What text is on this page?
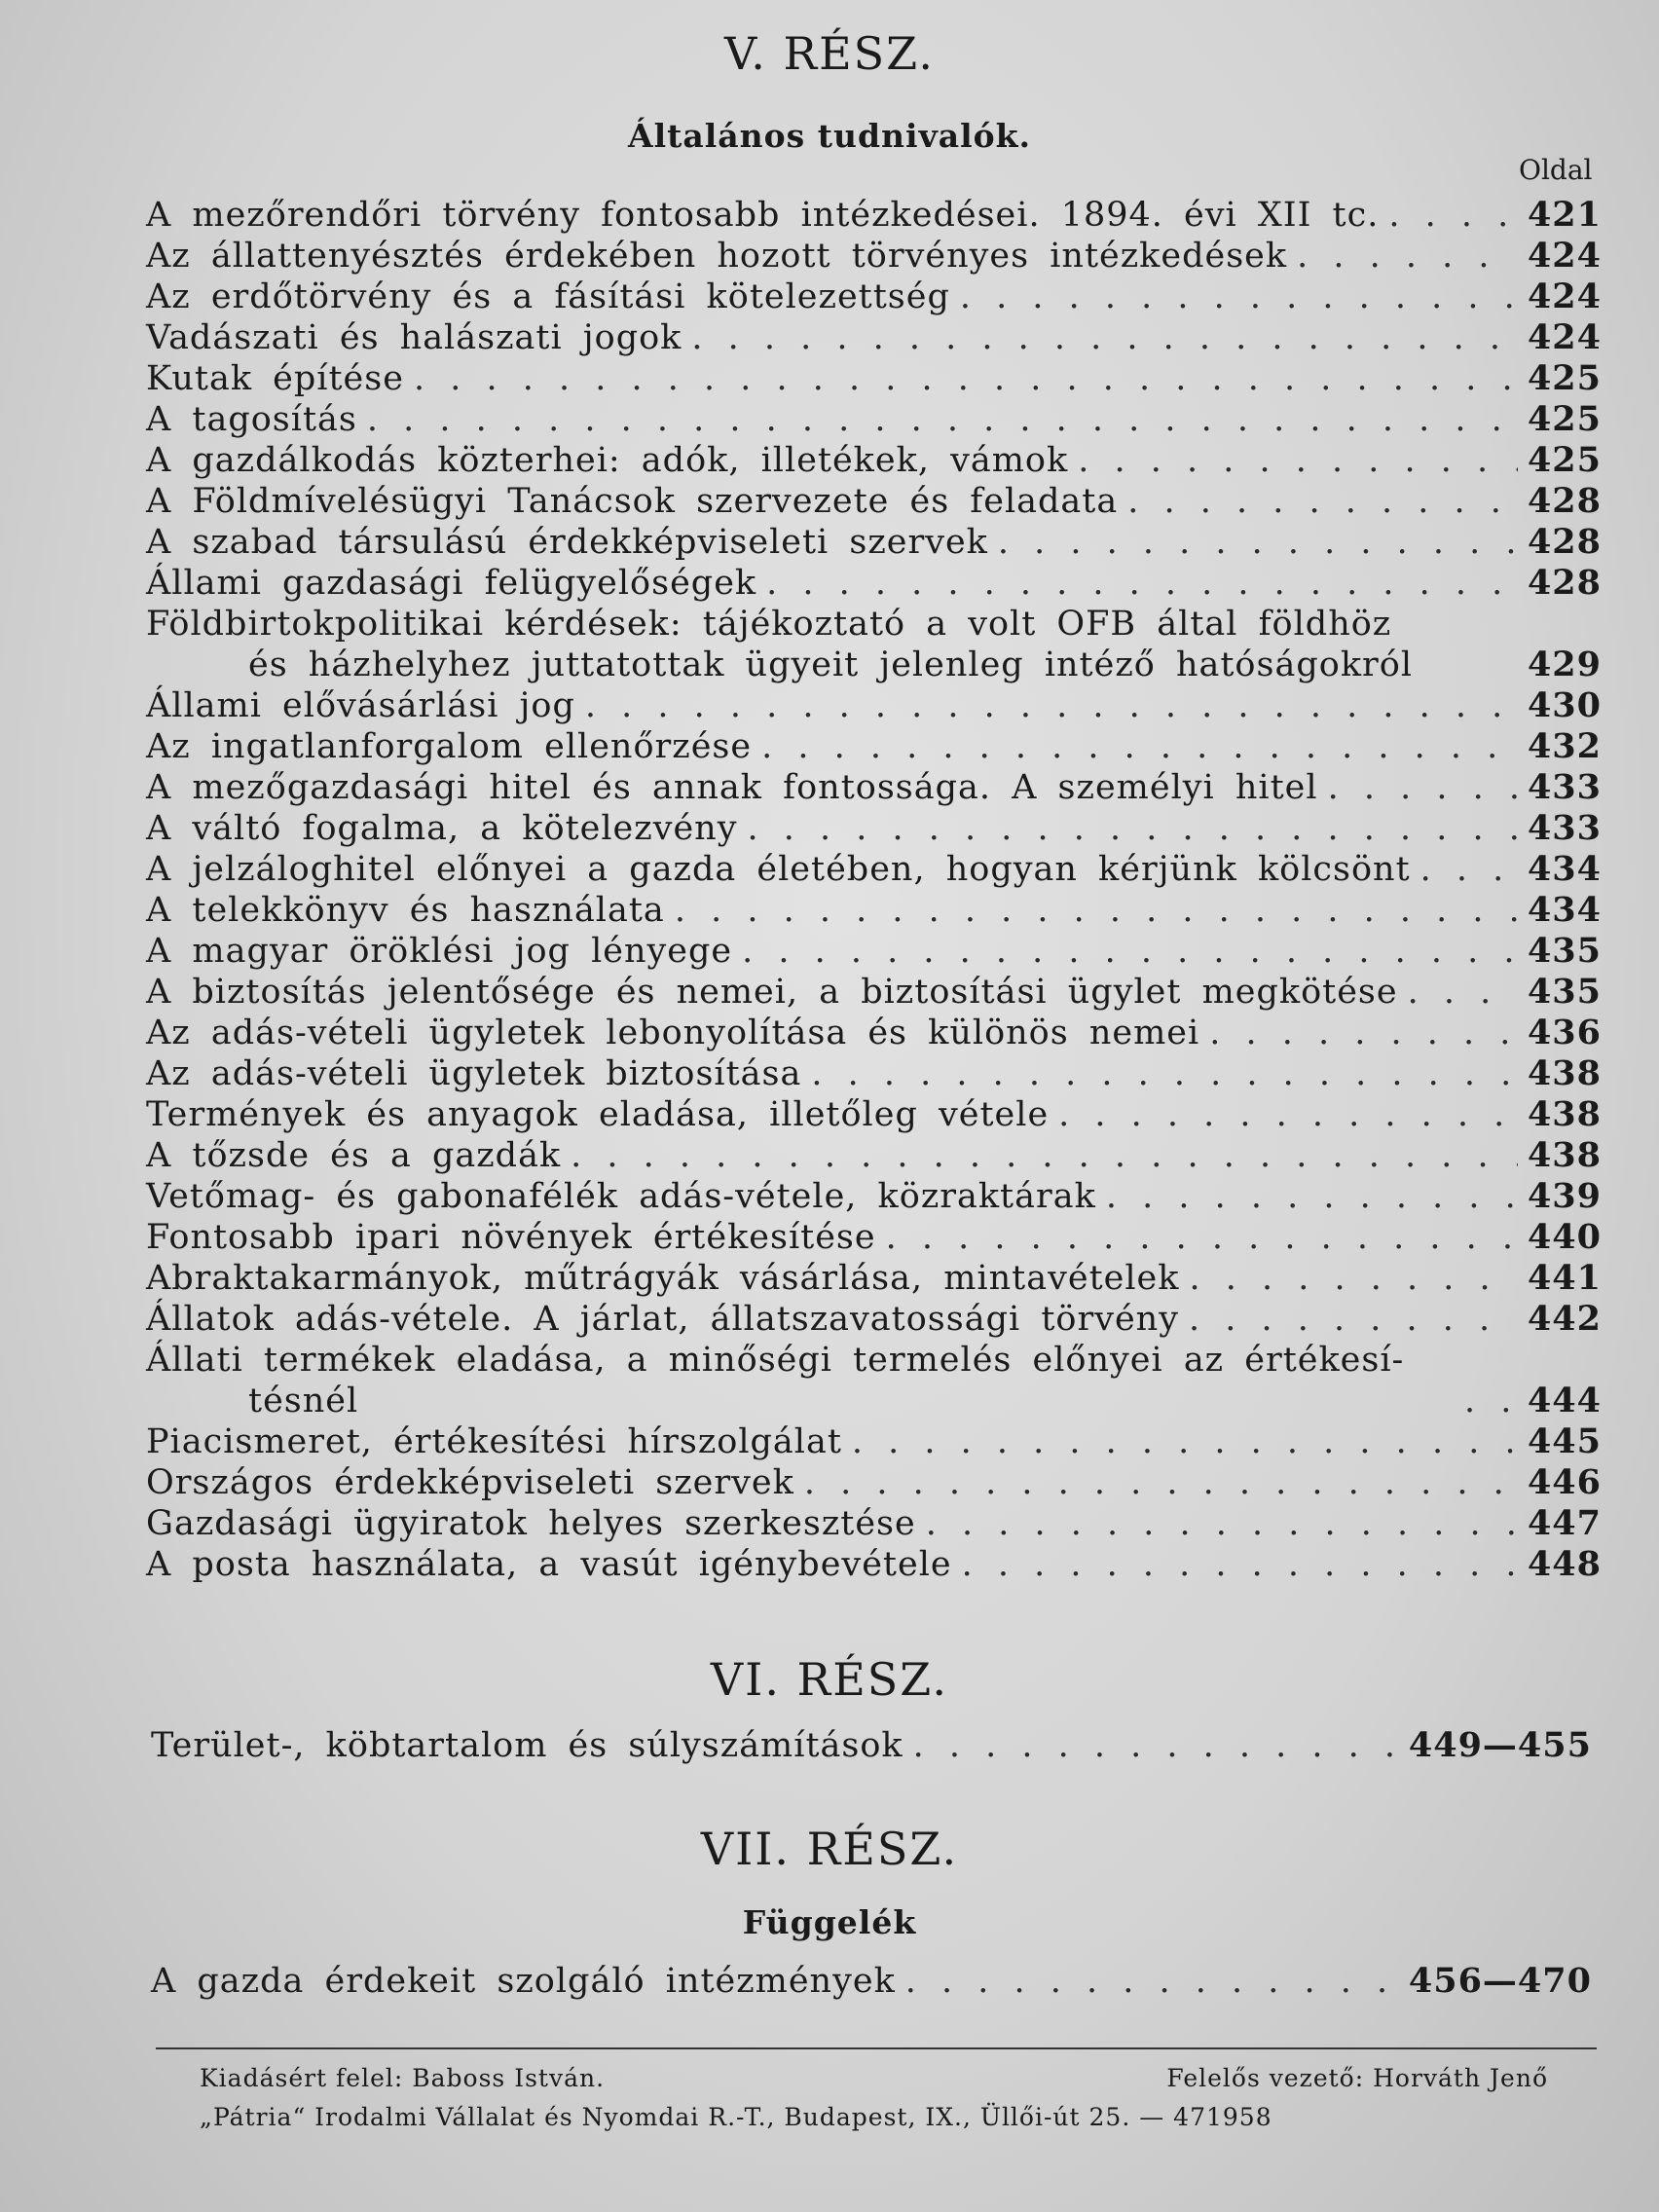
V. RÉSZ.
Általános tudnivalók.
Oldal
A mezőrendőri törvény fontosabb intézkedései. 1894. évi XII tc. . . .	421
Az állattenyésztés érdekében hozott törvényes intézkedések . . .	424
Az erdőtörvény és a fásítási kötelezettség . . .	424
Vadászati és halászati jogok . . .	424
Kutak építése . . .	425
A tagosítás . . .	425
A gazdálkodás közterhei: adók, illetékek, vámok . . .	425
A Földmívelésügyi Tanácsok szervezete és feladata . . .	428
A szabad társulású érdekképviseleti szervek . . .	428
Állami gazdasági felügyelőségek . . .	428
Földbirtokpolitikai kérdések: tájékoztató a volt OFB által földhöz
és házhelyhez juttatottak ügyeit jelenleg intéző hatóságokról	429
Állami elővásárlási jog . . .	430
Az ingatlanforgalom ellenőrzése . . .	432
A mezőgazdasági hitel és annak fontossága. A személyi hitel . . .	433
A váltó fogalma, a kötelezvény . . .	433
A jelzáloghitel előnyei a gazda életében, hogyan kérjünk kölcsönt . . .	434
A telekkönyv és használata . . .	434
A magyar öröklési jog lényege . . .	435
A biztosítás jelentősége és nemei, a biztosítási ügylet megkötése . . .	435
Az adás-vételi ügyletek lebonyolítása és különös nemei . . .	436
Az adás-vételi ügyletek biztosítása . . .	438
Termények és anyagok eladása, illetőleg vétele . . .	438
A tőzsde és a gazdák . . .	438
Vetőmag- és gabonafélék adás-vétele, közraktárak . . .	439
Fontosabb ipari növények értékesítése . . .	440
Abraktakarmányok, műtrágyák vásárlása, mintavételek . . .	441
Állatok adás-vétele. A járlat, állatszavatossági törvény . . .	442
Állati termékek eladása, a minőségi termelés előnyei az értékesí-
tésnél . . .	444
Piacismeret, értékesítési hírszolgálat . . .	445
Országos érdekképviseleti szervek . . .	446
Gazdasági ügyiratok helyes szerkesztése . . .	447
A posta használata, a vasút igénybevétele . . .	448
VI. RÉSZ.
Terület-, köbtartalom és súlyszámítások . . .	449—455
VII. RÉSZ.
Függelék
A gazda érdekeit szolgáló intézmények . . .	456—470
Kiadásért felel: Baboss István.	Felelős vezető: Horváth Jenő
„Pátria“ Irodalmi Vállalat és Nyomdai R.-T., Budapest, IX., Üllői-út 25. — 471958
